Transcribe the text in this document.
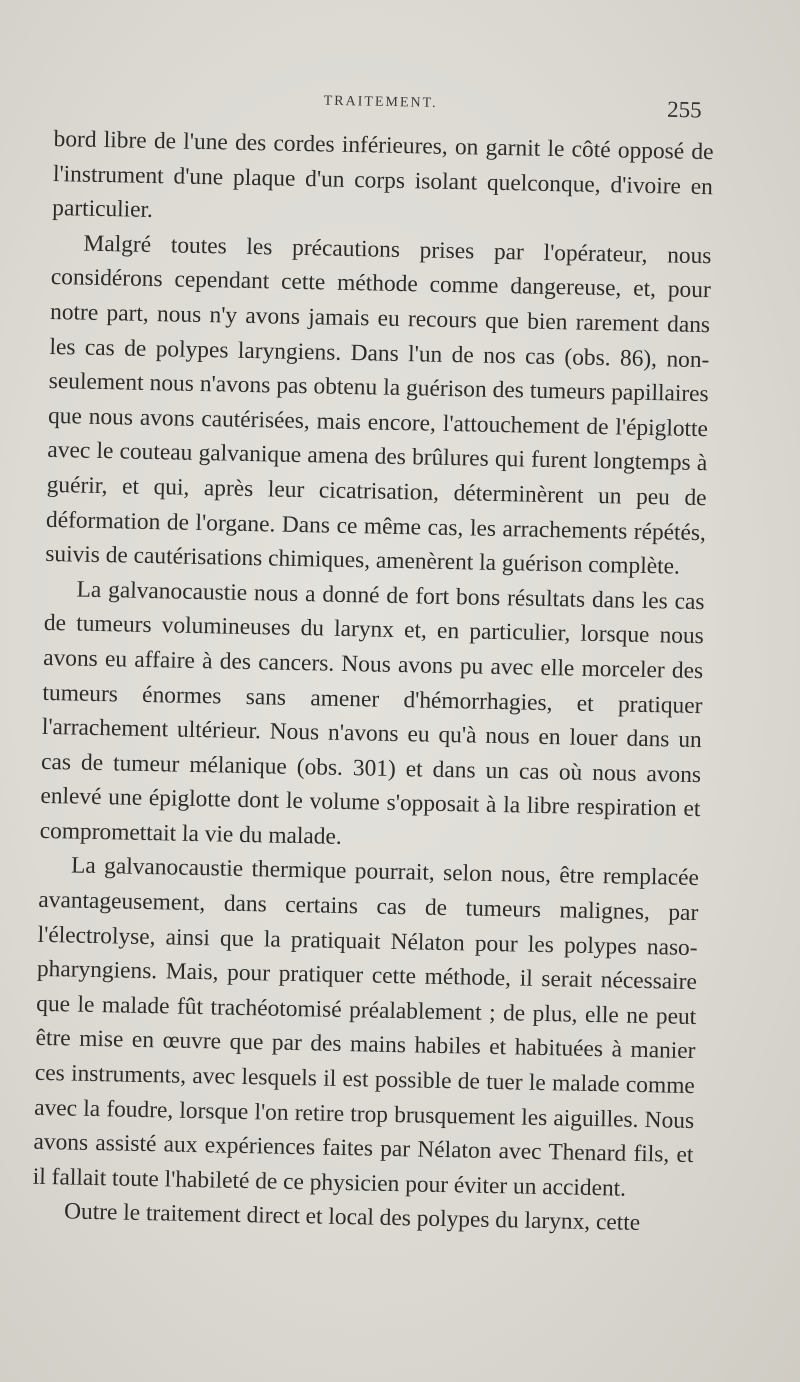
TRAITEMENT.	255

bord libre de l'une des cordes inférieures, on garnit le côté opposé de l'instrument d'une plaque d'un corps isolant quelconque, d'ivoire en particulier.

Malgré toutes les précautions prises par l'opérateur, nous considérons cependant cette méthode comme dangereuse, et, pour notre part, nous n'y avons jamais eu recours que bien rarement dans les cas de polypes laryngiens. Dans l'un de nos cas (obs. 86), non-seulement nous n'avons pas obtenu la guérison des tumeurs papillaires que nous avons cautérisées, mais encore, l'attouchement de l'épiglotte avec le couteau galvanique amena des brûlures qui furent longtemps à guérir, et qui, après leur cicatrisation, déterminèrent un peu de déformation de l'organe. Dans ce même cas, les arrachements répétés, suivis de cautérisations chimiques, amenèrent la guérison complète.

La galvanocaustie nous a donné de fort bons résultats dans les cas de tumeurs volumineuses du larynx et, en particulier, lorsque nous avons eu affaire à des cancers. Nous avons pu avec elle morceler des tumeurs énormes sans amener d'hémorrhagies, et pratiquer l'arrachement ultérieur. Nous n'avons eu qu'à nous en louer dans un cas de tumeur mélanique (obs. 301) et dans un cas où nous avons enlevé une épiglotte dont le volume s'opposait à la libre respiration et compromettait la vie du malade.

La galvanocaustie thermique pourrait, selon nous, être remplacée avantageusement, dans certains cas de tumeurs malignes, par l'électrolyse, ainsi que la pratiquait Nélaton pour les polypes naso-pharyngiens. Mais, pour pratiquer cette méthode, il serait nécessaire que le malade fût trachéotomisé préalablement ; de plus, elle ne peut être mise en œuvre que par des mains habiles et habituées à manier ces instruments, avec lesquels il est possible de tuer le malade comme avec la foudre, lorsque l'on retire trop brusquement les aiguilles. Nous avons assisté aux expériences faites par Nélaton avec Thenard fils, et il fallait toute l'habileté de ce physicien pour éviter un accident.

Outre le traitement direct et local des polypes du larynx, cette
